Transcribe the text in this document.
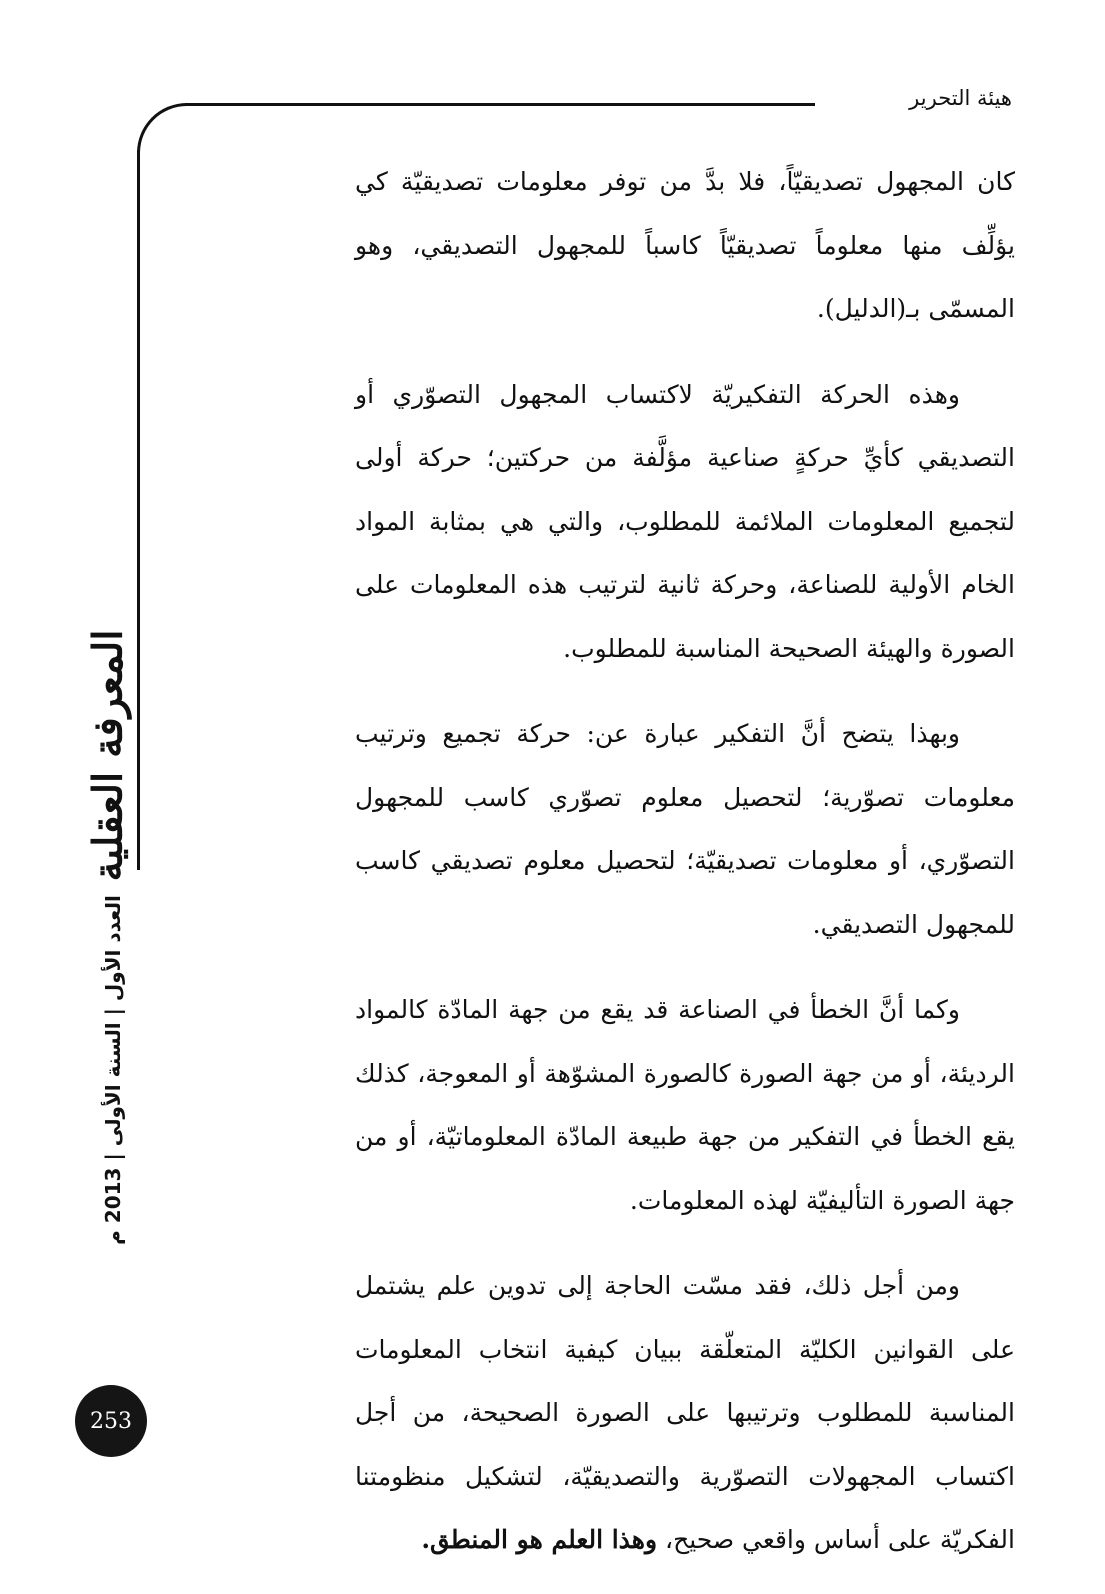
هيئة التحرير
المعرفة العقلية
العدد الأول | السنة الأولى | 2013 م
253

كان المجهول تصديقيّاً، فلا بدَّ من توفر معلومات تصديقيّة كي يؤلِّف منها معلوماً تصديقيّاً كاسباً للمجهول التصديقي، وهو المسمّى بـ(الدليل).

وهذه الحركة التفكيريّة لاكتساب المجهول التصوّري أو التصديقي كأيِّ حركةٍ صناعية مؤلَّفة من حركتين؛ حركة أولى لتجميع المعلومات الملائمة للمطلوب، والتي هي بمثابة المواد الخام الأولية للصناعة، وحركة ثانية لترتيب هذه المعلومات على الصورة والهيئة الصحيحة المناسبة للمطلوب.

وبهذا يتضح أنَّ التفكير عبارة عن: حركة تجميع وترتيب معلومات تصوّرية؛ لتحصيل معلوم تصوّري كاسب للمجهول التصوّري، أو معلومات تصديقيّة؛ لتحصيل معلوم تصديقي كاسب للمجهول التصديقي.

وكما أنَّ الخطأ في الصناعة قد يقع من جهة المادّة كالمواد الرديئة، أو من جهة الصورة كالصورة المشوّهة أو المعوجة، كذلك يقع الخطأ في التفكير من جهة طبيعة المادّة المعلوماتيّة، أو من جهة الصورة التأليفيّة لهذه المعلومات.

ومن أجل ذلك، فقد مسّت الحاجة إلى تدوين علم يشتمل على القوانين الكليّة المتعلّقة ببيان كيفية انتخاب المعلومات المناسبة للمطلوب وترتيبها على الصورة الصحيحة، من أجل اكتساب المجهولات التصوّرية والتصديقيّة، لتشكيل منظومتنا الفكريّة على أساس واقعي صحيح، وهذا العلم هو المنطق.
